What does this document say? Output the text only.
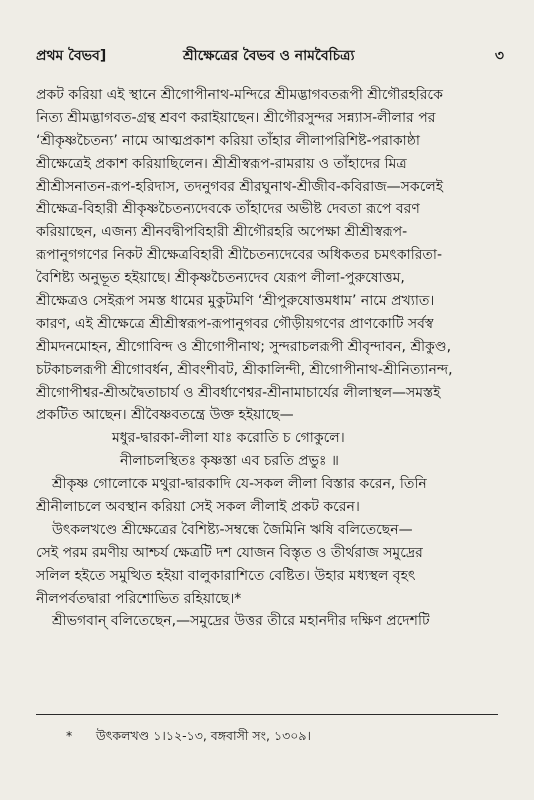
প্রথম বৈভব]	শ্রীক্ষেত্রের বৈভব ও নামবৈচিত্র্য	৩
প্রকট করিয়া এই স্থানে শ্রীগোপীনাথ-মন্দিরে শ্রীমদ্ভাগবতরূপী শ্রীগৌরহরিকে
নিত্য শ্রীমদ্ভাগবত-গ্রন্থ শ্রবণ করাইয়াছেন। শ্রীগৌরসুন্দর সন্ন্যাস-লীলার পর
‘শ্রীকৃষ্ণচৈতন্য’ নামে আত্মপ্রকাশ করিয়া তাঁহার লীলাপরিশিষ্ট-পরাকাষ্ঠা
শ্রীক্ষেত্রেই প্রকাশ করিয়াছিলেন। শ্রীশ্রীস্বরূপ-রামরায় ও তাঁহাদের মিত্র
শ্রীশ্রীসনাতন-রূপ-হরিদাস, তদনুগবর শ্রীরঘুনাথ-শ্রীজীব-কবিরাজ—সকলেই
শ্রীক্ষেত্র-বিহারী শ্রীকৃষ্ণচৈতন্যদেবকে তাঁহাদের অভীষ্ট দেবতা রূপে বরণ
করিয়াছেন, এজন্য শ্রীনবদ্বীপবিহারী শ্রীগৌরহরি অপেক্ষা শ্রীশ্রীস্বরূপ-
রূপানুগগণের নিকট শ্রীক্ষেত্রবিহারী শ্রীচৈতন্যদেবের অধিকতর চমৎকারিতা-
বৈশিষ্ট্য অনুভূত হইয়াছে। শ্রীকৃষ্ণচৈতন্যদেব যেরূপ লীলা-পুরুষোত্তম,
শ্রীক্ষেত্রও সেইরূপ সমস্ত ধামের মুকুটমণি ‘শ্রীপুরুষোত্তমধাম’ নামে প্রখ্যাত।
কারণ, এই শ্রীক্ষেত্রে শ্রীশ্রীস্বরূপ-রূপানুগবর গৌড়ীয়গণের প্রাণকোটি সর্বস্ব
শ্রীমদনমোহন, শ্রীগোবিন্দ ও শ্রীগোপীনাথ; সুন্দরাচলরূপী শ্রীবৃন্দাবন, শ্রীকুণ্ড,
চটকাচলরূপী শ্রীগোবর্ধন, শ্রীবংশীবট, শ্রীকালিন্দী, শ্রীগোপীনাথ-শ্রীনিত্যানন্দ,
শ্রীগোপীশ্বর-শ্রীঅদ্বৈতাচার্য ও শ্রীবর্ধাণেশ্বর-শ্রীনামাচার্যের লীলাস্থল—সমস্তই
প্রকটিত আছেন। শ্রীবৈষ্ণবতন্ত্রে উক্ত হইয়াছে—
মধুর-দ্বারকা-লীলা যাঃ করোতি চ গোকুলে।
নীলাচলস্থিতঃ কৃষ্ণস্তা এব চরতি প্রভুঃ ॥
শ্রীকৃষ্ণ গোলোকে মথুরা-দ্বারকাদি যে-সকল লীলা বিস্তার করেন, তিনি
শ্রীনীলাচলে অবস্থান করিয়া সেই সকল লীলাই প্রকট করেন।
উৎকলখণ্ডে শ্রীক্ষেত্রের বৈশিষ্ট্য-সম্বন্ধে জৈমিনি ঋষি বলিতেছেন—
সেই পরম রমণীয় আশ্চর্য ক্ষেত্রটি দশ যোজন বিস্তৃত ও তীর্থরাজ সমুদ্রের
সলিল হইতে সমুত্থিত হইয়া বালুকারাশিতে বেষ্টিত। উহার মধ্যস্থল বৃহৎ
নীলপর্বতদ্বারা পরিশোভিত রহিয়াছে।*
শ্রীভগবান্ বলিতেছেন,—সমুদ্রের উত্তর তীরে মহানদীর দক্ষিণ প্রদেশটি
* উৎকলখণ্ড ১।১২-১৩, বঙ্গবাসী সং, ১৩০৯।
